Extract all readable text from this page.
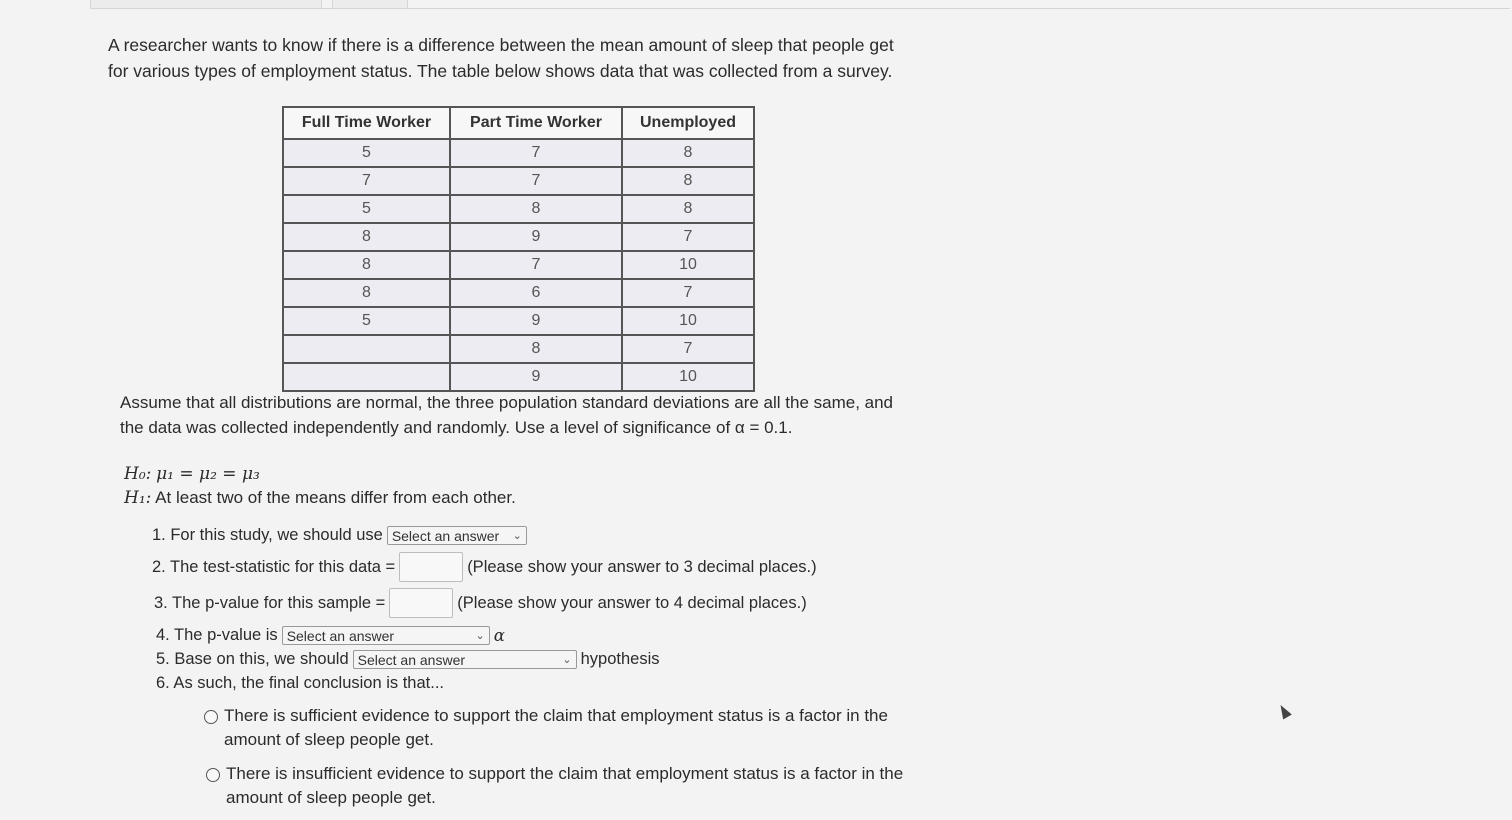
A researcher wants to know if there is a difference between the mean amount of sleep that people get for various types of employment status. The table below shows data that was collected from a survey.

Full Time Worker	Part Time Worker	Unemployed
5	7	8
7	7	8
5	8	8
8	9	7
8	7	10
8	6	7
5	9	10
	8	7
	9	10

Assume that all distributions are normal, the three population standard deviations are all the same, and the data was collected independently and randomly. Use a level of significance of α = 0.1.

H₀: μ₁ = μ₂ = μ₃
H₁: At least two of the means differ from each other.
1. For this study, we should use Select an answer ⌄
2. The test-statistic for this data =	(Please show your answer to 3 decimal places.)
3. The p-value for this sample =	(Please show your answer to 4 decimal places.)
4. The p-value is Select an answer	⌄ α
5. Base on this, we should Select an answer	⌄ hypothesis
6. As such, the final conclusion is that...
There is sufficient evidence to support the claim that employment status is a factor in the amount of sleep people get.
There is insufficient evidence to support the claim that employment status is a factor in the amount of sleep people get.
